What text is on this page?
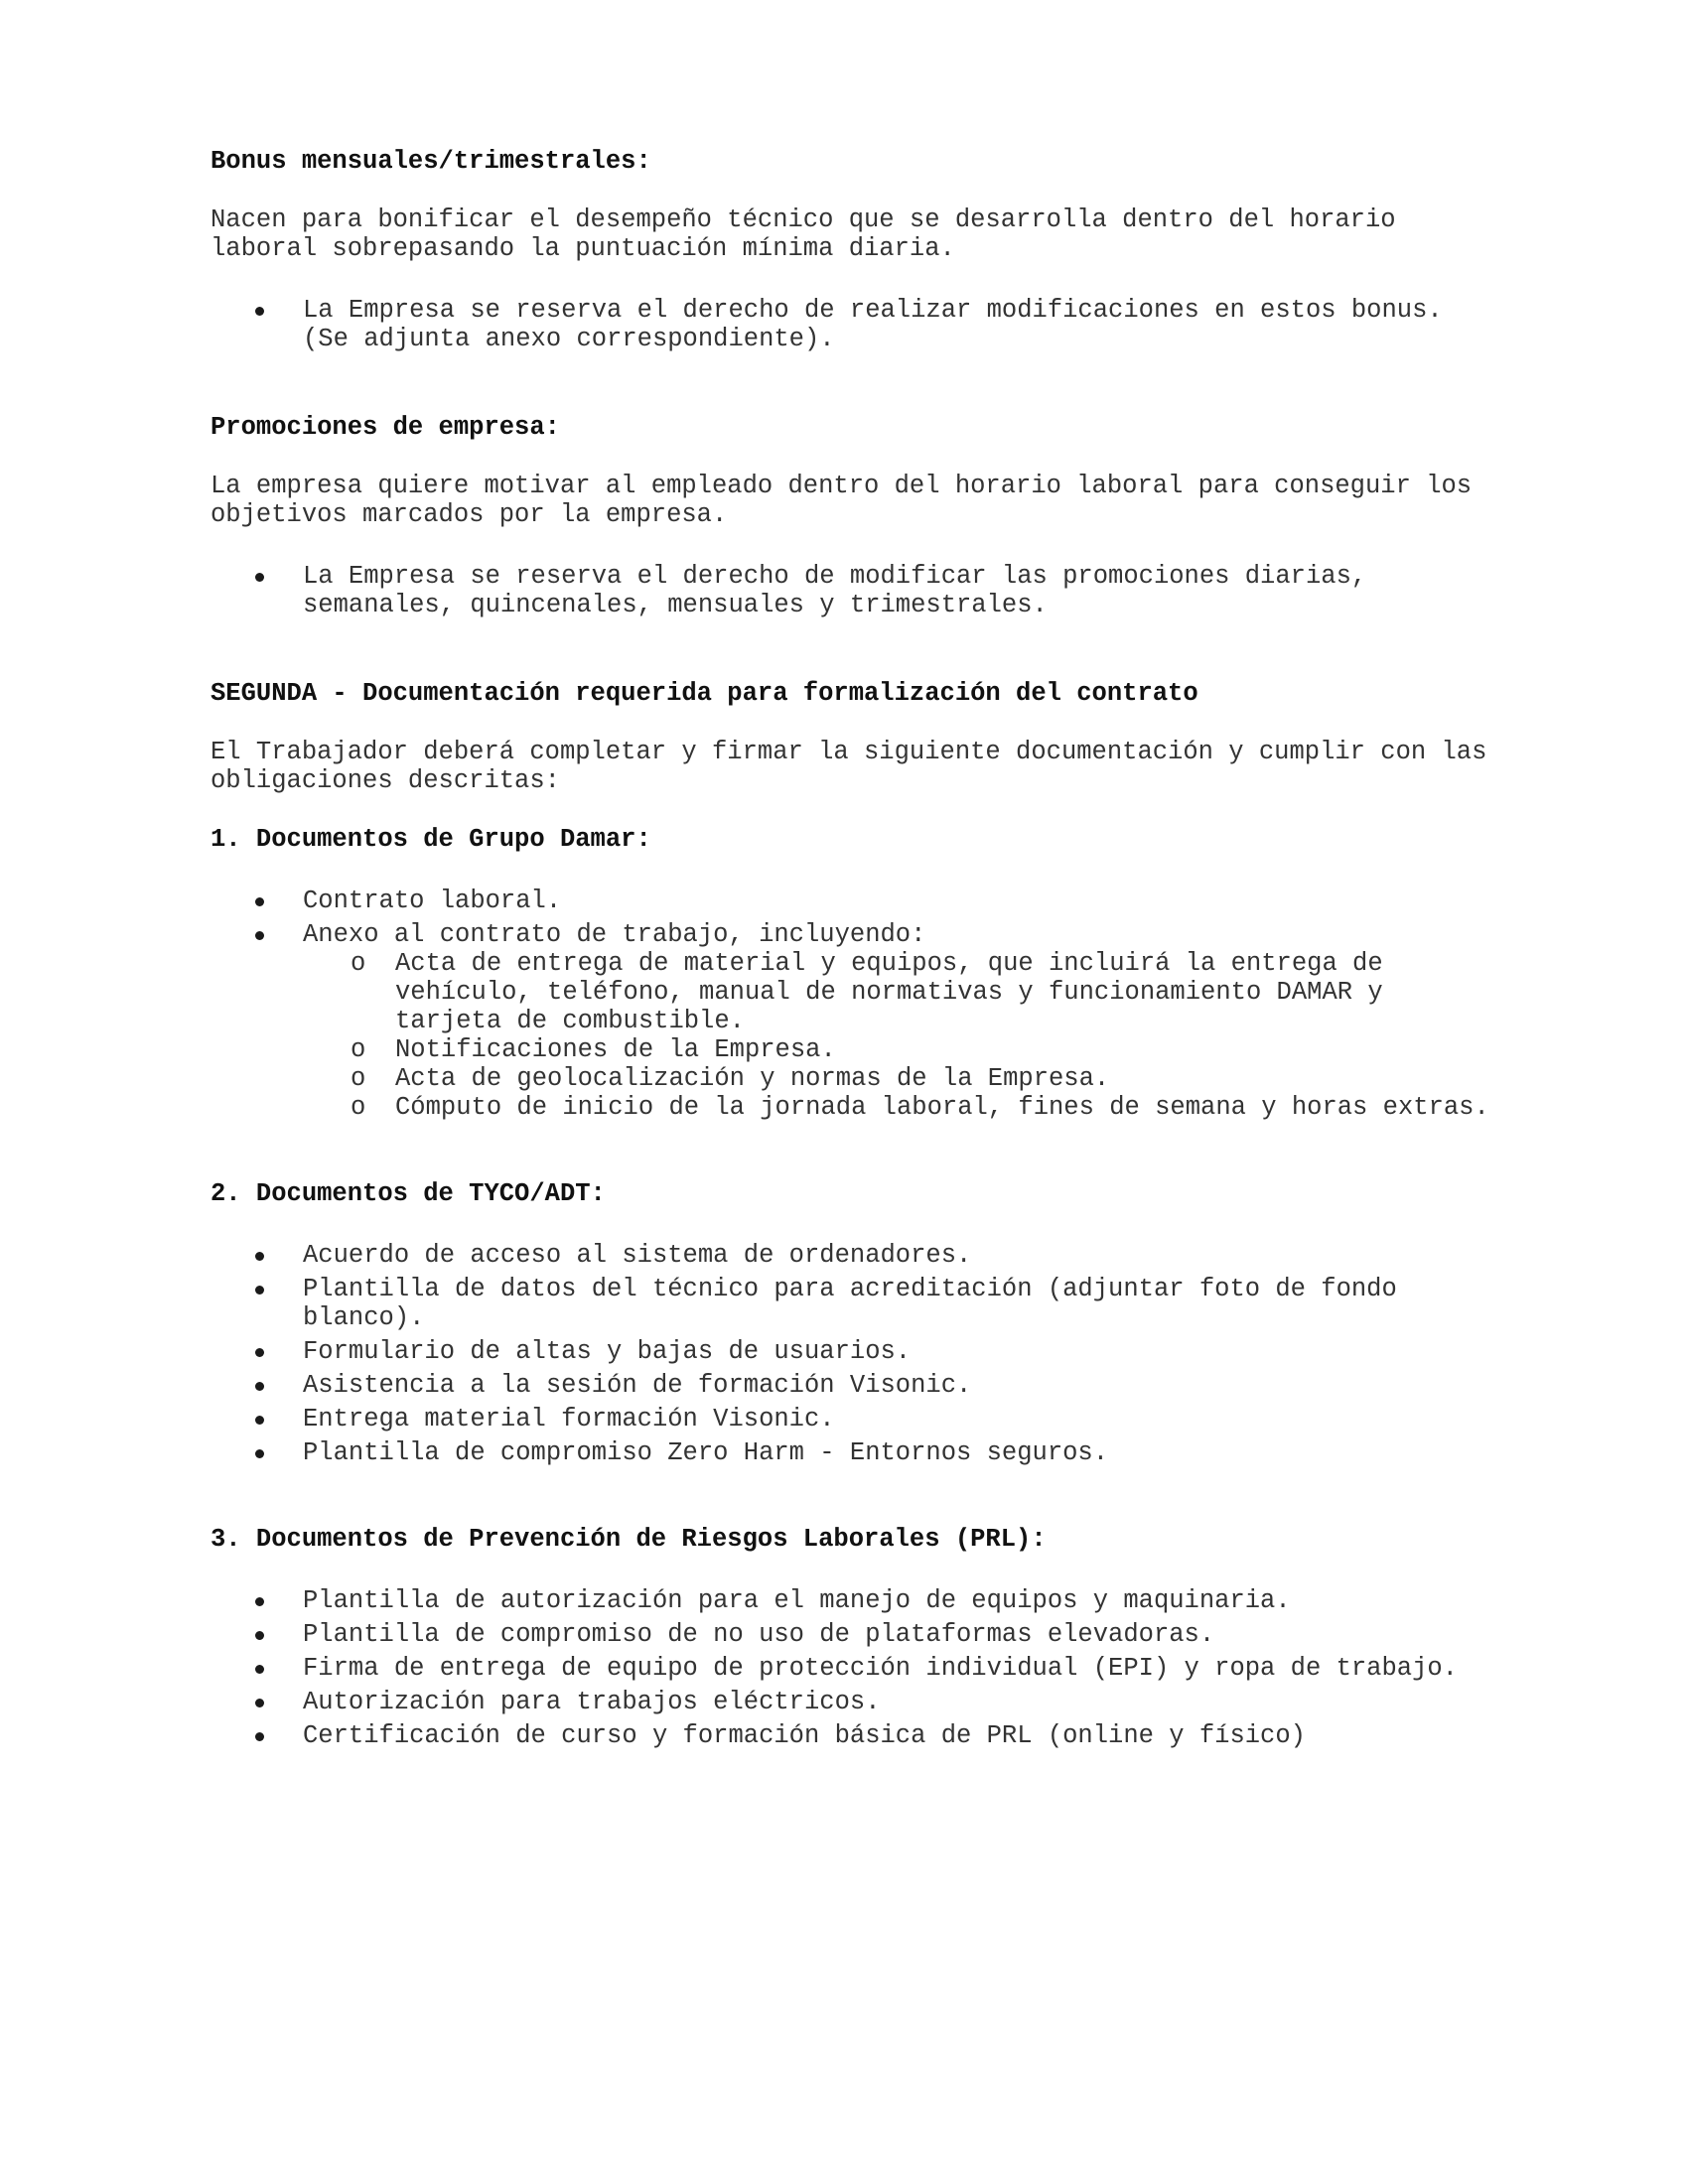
Bonus mensuales/trimestrales:
Nacen para bonificar el desempeño técnico que se desarrolla dentro del horario laboral sobrepasando la puntuación mínima diaria.
La Empresa se reserva el derecho de realizar modificaciones en estos bonus. (Se adjunta anexo correspondiente).
Promociones de empresa:
La empresa quiere motivar al empleado dentro del horario laboral para conseguir los objetivos marcados por la empresa.
La Empresa se reserva el derecho de modificar las promociones diarias, semanales, quincenales, mensuales y trimestrales.
SEGUNDA - Documentación requerida para formalización del contrato
El Trabajador deberá completar y firmar la siguiente documentación y cumplir con las obligaciones descritas:
1. Documentos de Grupo Damar:
Contrato laboral.
Anexo al contrato de trabajo, incluyendo:
o Acta de entrega de material y equipos, que incluirá la entrega de vehículo, teléfono, manual de normativas y funcionamiento DAMAR y tarjeta de combustible.
o Notificaciones de la Empresa.
o Acta de geolocalización y normas de la Empresa.
o Cómputo de inicio de la jornada laboral, fines de semana y horas extras.
2. Documentos de TYCO/ADT:
Acuerdo de acceso al sistema de ordenadores.
Plantilla de datos del técnico para acreditación (adjuntar foto de fondo blanco).
Formulario de altas y bajas de usuarios.
Asistencia a la sesión de formación Visonic.
Entrega material formación Visonic.
Plantilla de compromiso Zero Harm - Entornos seguros.
3. Documentos de Prevención de Riesgos Laborales (PRL):
Plantilla de autorización para el manejo de equipos y maquinaria.
Plantilla de compromiso de no uso de plataformas elevadoras.
Firma de entrega de equipo de protección individual (EPI) y ropa de trabajo.
Autorización para trabajos eléctricos.
Certificación de curso y formación básica de PRL (online y físico)
